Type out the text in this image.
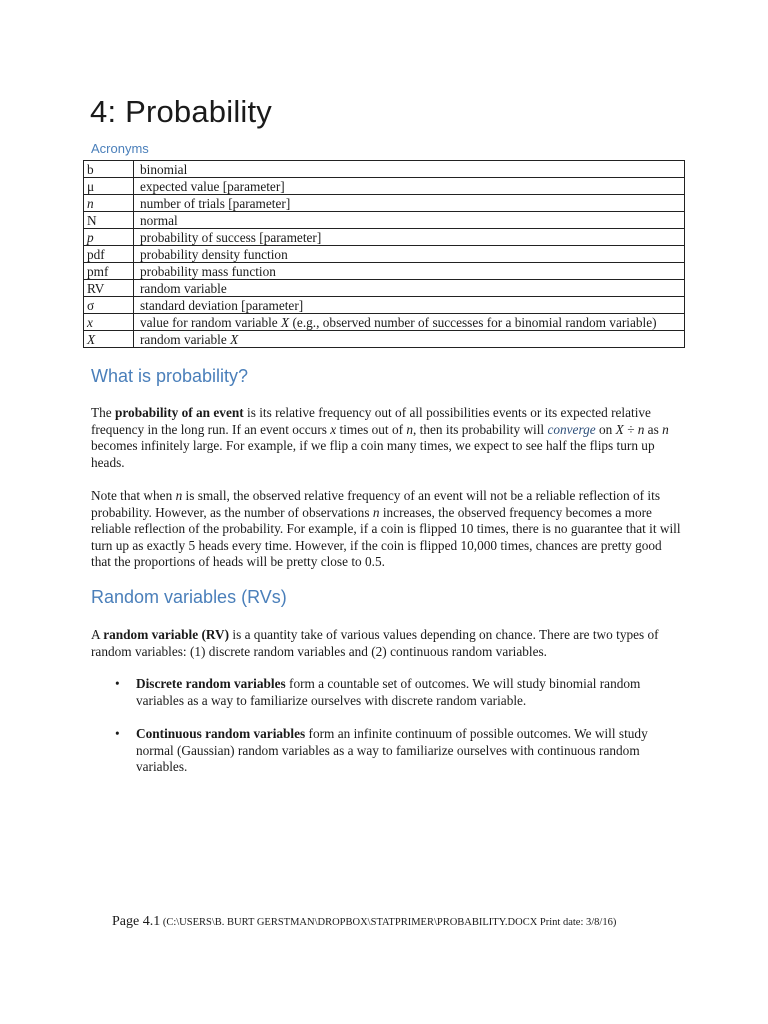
4: Probability
Acronyms
b	binomial
μ	expected value [parameter]
n	number of trials [parameter]
N	normal
p	probability of success [parameter]
pdf	probability density function
pmf	probability mass function
RV	random variable
σ	standard deviation [parameter]
x	value for random variable X (e.g., observed number of successes for a binomial random variable)
X	random variable X
What is probability?

The probability of an event is its relative frequency out of all possibilities events or its expected relative frequency in the long run. If an event occurs x times out of n, then its probability will converge on X ÷ n as n becomes infinitely large. For example, if we flip a coin many times, we expect to see half the flips turn up heads.

Note that when n is small, the observed relative frequency of an event will not be a reliable reflection of its probability. However, as the number of observations n increases, the observed frequency becomes a more reliable reflection of the probability. For example, if a coin is flipped 10 times, there is no guarantee that it will turn up as exactly 5 heads every time. However, if the coin is flipped 10,000 times, chances are pretty good that the proportions of heads will be pretty close to 0.5.

Random variables (RVs)

A random variable (RV) is a quantity take of various values depending on chance. There are two types of random variables: (1) discrete random variables and (2) continuous random variables.

• Discrete random variables form a countable set of outcomes. We will study binomial random variables as a way to familiarize ourselves with discrete random variable.
• Continuous random variables form an infinite continuum of possible outcomes. We will study normal (Gaussian) random variables as a way to familiarize ourselves with continuous random variables.
Page 4.1 (C:\USERS\B. BURT GERSTMAN\DROPBOX\STATPRIMER\PROBABILITY.DOCX Print date: 3/8/16)
